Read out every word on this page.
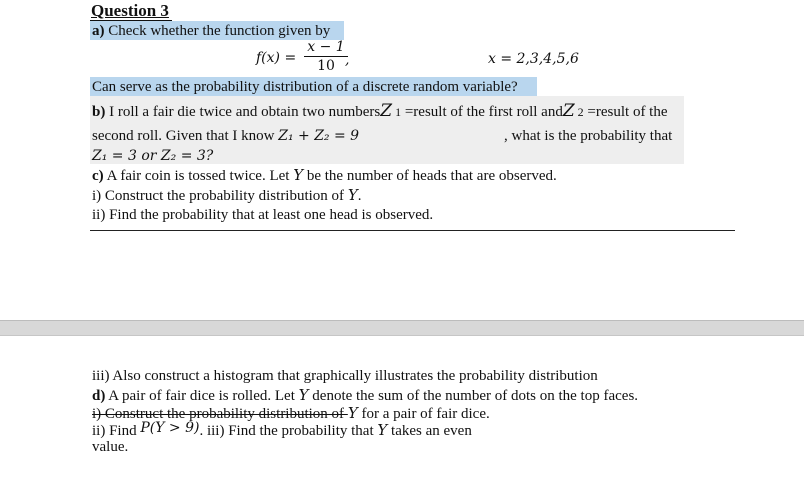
Question 3
a) Check whether the function given by
f(x) =
x − 1
10 ,	x = 2,3,4,5,6
Can serve as the probability distribution of a discrete random variable?
b) I roll a fair die twice and obtain two numbersZ 1 =result of the first roll andZ 2 =result of the
second roll. Given that I know Z₁ + Z₂ = 9	, what is the probability that
Z₁ = 3 or Z₂ = 3?
c) A fair coin is tossed twice. Let Y be the number of heads that are observed.
i) Construct the probability distribution of Y.
ii) Find the probability that at least one head is observed.
iii) Also construct a histogram that graphically illustrates the probability distribution
d) A pair of fair dice is rolled. Let Y denote the sum of the number of dots on the top faces.
i) Construct the probability distribution of Y for a pair of fair dice.
ii) Find P(Y > 9). iii) Find the probability that Y takes an even
value.
